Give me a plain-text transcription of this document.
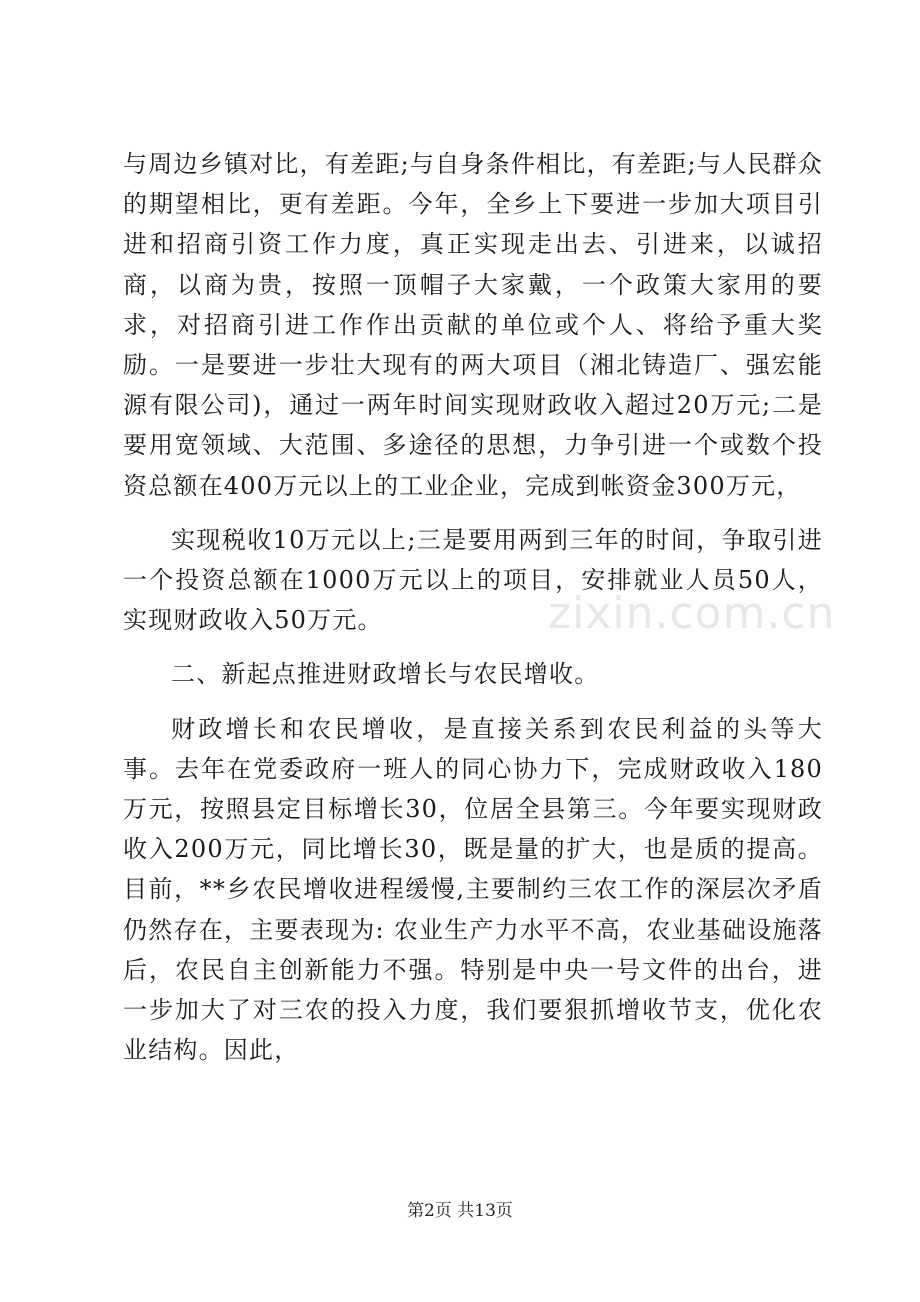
与周边乡镇对比，有差距;与自身条件相比，有差距;与人民群众的期望相比，更有差距。今年，全乡上下要进一步加大项目引进和招商引资工作力度，真正实现走出去、引进来，以诚招商，以商为贵，按照一顶帽子大家戴，一个政策大家用的要求，对招商引进工作作出贡献的单位或个人、将给予重大奖励。一是要进一步壮大现有的两大项目（湘北铸造厂、强宏能源有限公司)，通过一两年时间实现财政收入超过20万元;二是要用宽领域、大范围、多途径的思想，力争引进一个或数个投资总额在400万元以上的工业企业，完成到帐资金300万元，

实现税收10万元以上;三是要用两到三年的时间，争取引进一个投资总额在1000万元以上的项目，安排就业人员50人，实现财政收入50万元。

二、新起点推进财政增长与农民增收。

财政增长和农民增收，是直接关系到农民利益的头等大事。去年在党委政府一班人的同心协力下，完成财政收入180万元，按照县定目标增长30，位居全县第三。今年要实现财政收入200万元，同比增长30，既是量的扩大，也是质的提高。目前，**乡农民增收进程缓慢,主要制约三农工作的深层次矛盾仍然存在，主要表现为: 农业生产力水平不高，农业基础设施落后，农民自主创新能力不强。特别是中央一号文件的出台，进一步加大了对三农的投入力度，我们要狠抓增收节支，优化农业结构。因此，

zixin.com.cn
第2页 共13页
